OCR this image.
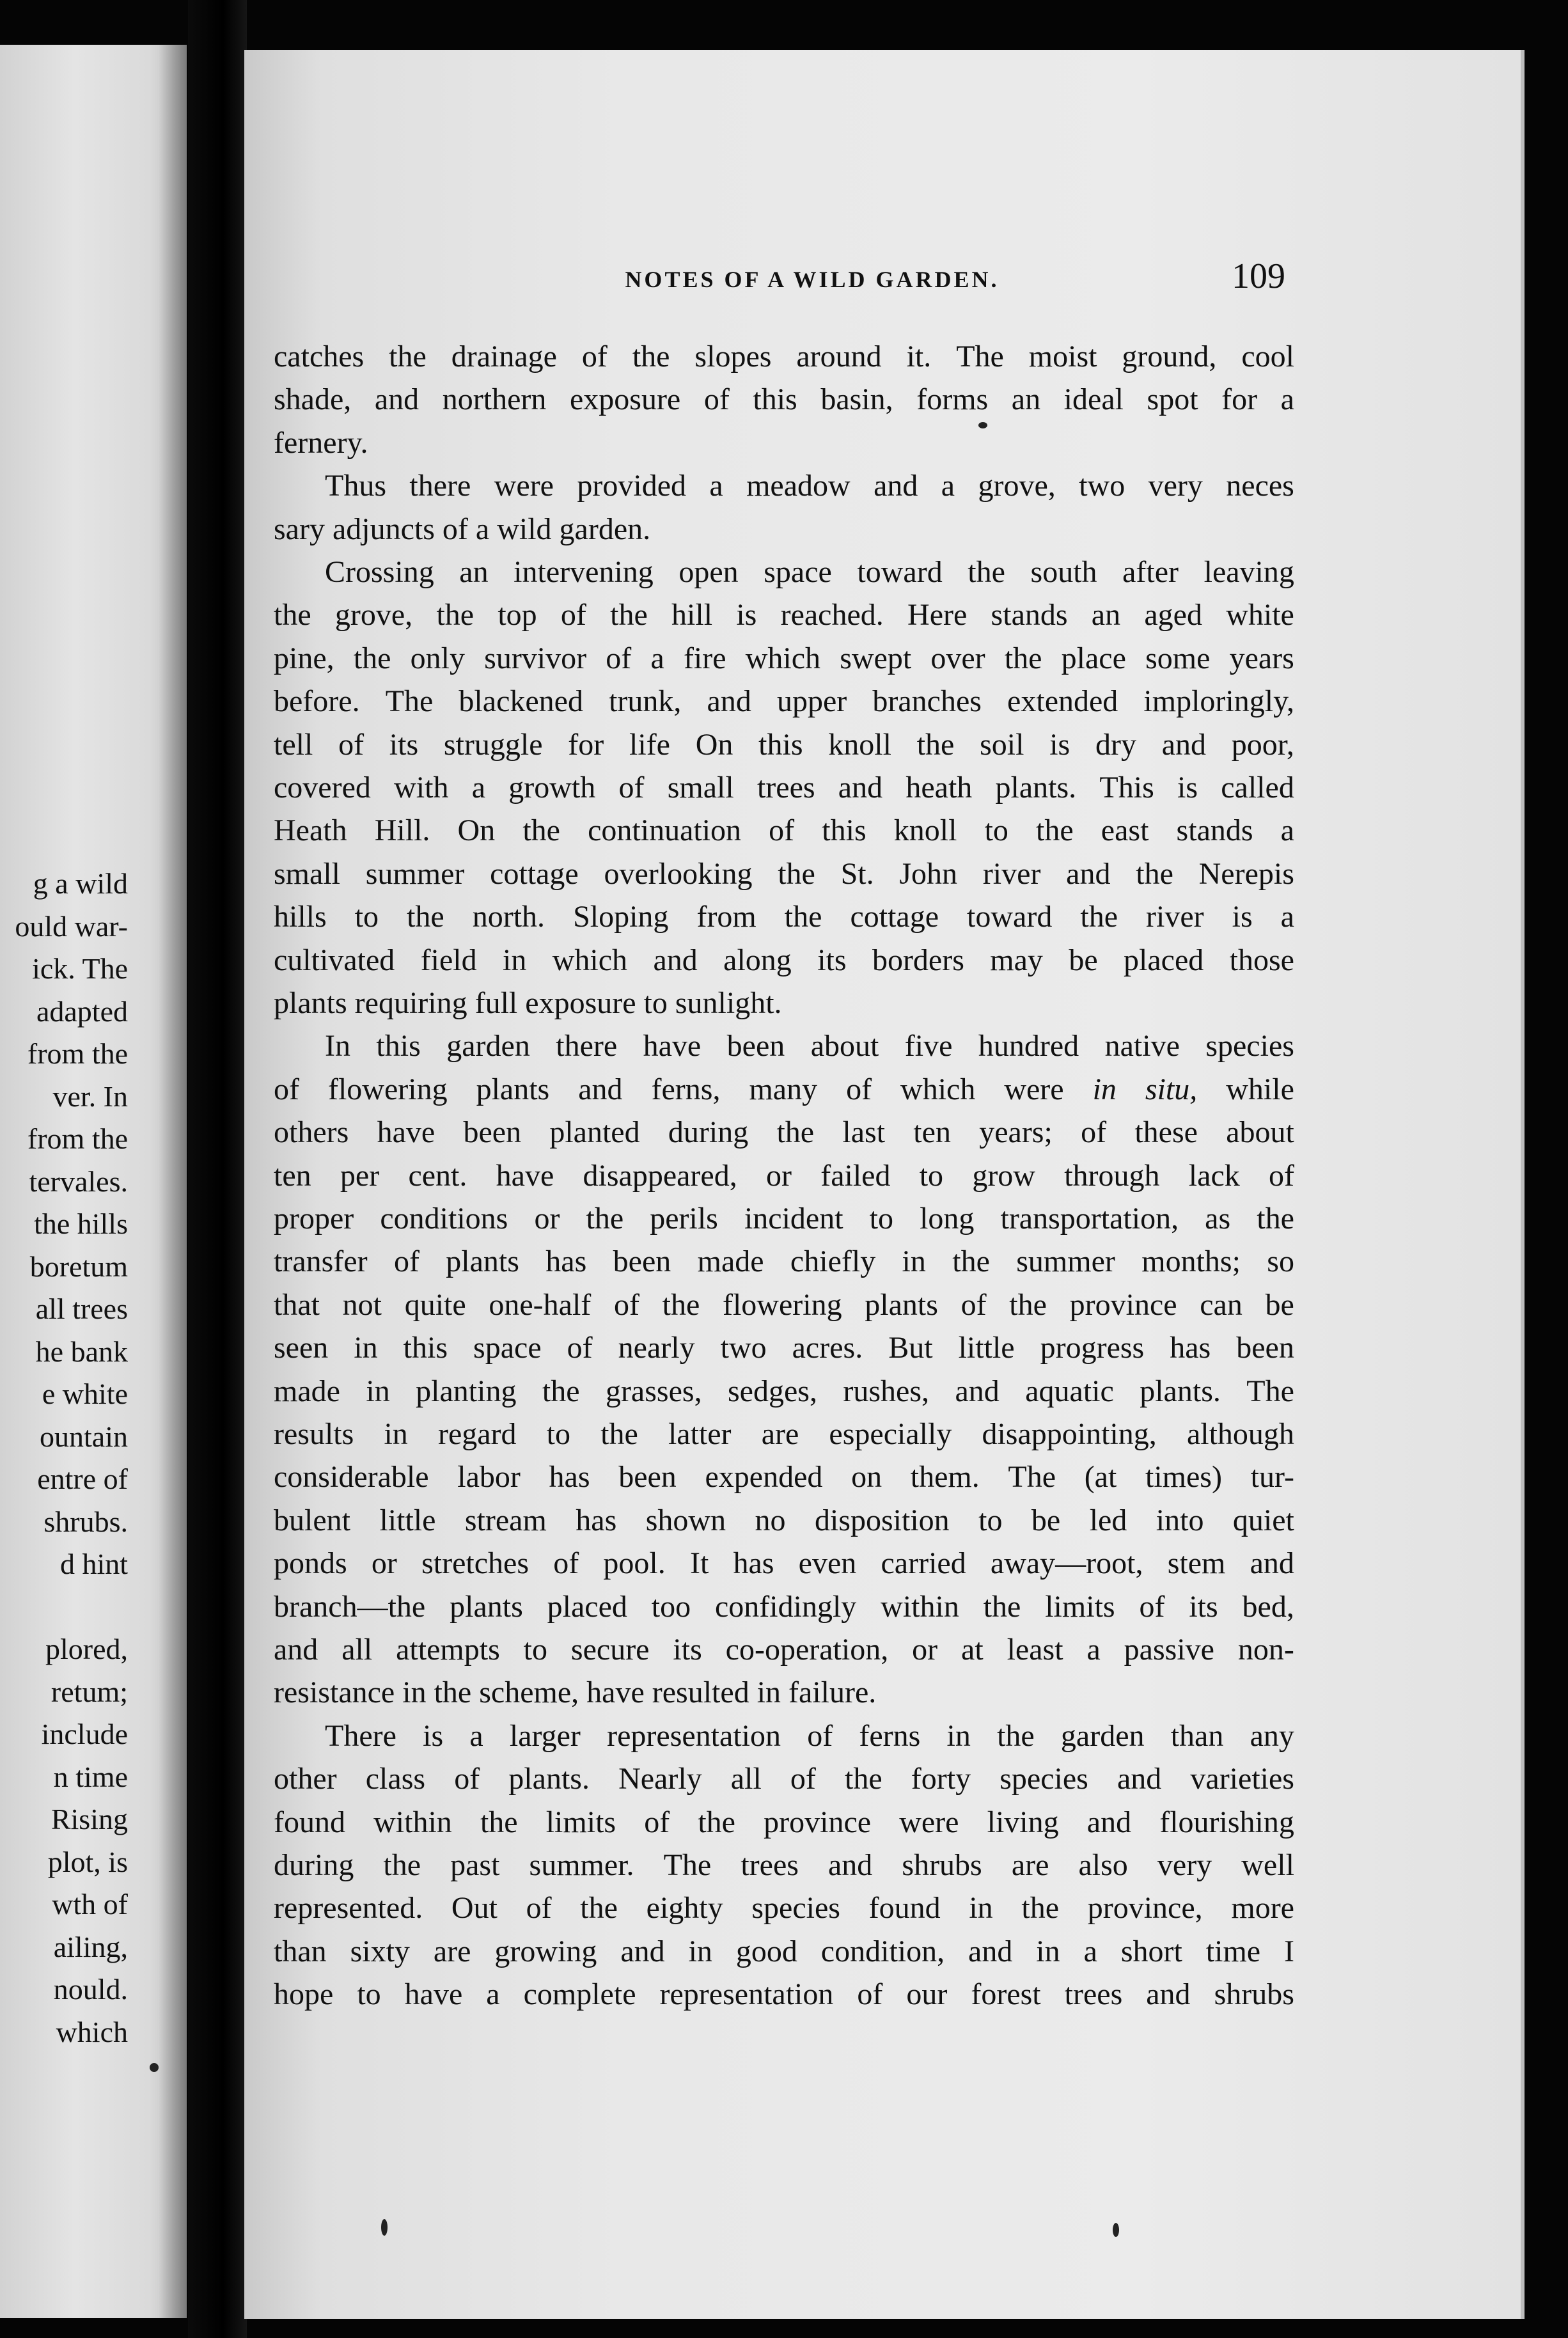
g a wild
ould war-
ick. The
adapted
from the
ver. In
from the
tervales.
the hills
boretum
all trees
he bank
e white
ountain
entre of
shrubs.
d hint
plored,
retum;
include
n time
Rising
plot, is
wth of
ailing,
nould.
which
NOTES OF A WILD GARDEN.	109
catches the drainage of the slopes around it. The moist ground, cool
shade, and northern exposure of this basin, forms an ideal spot for a
fernery.
Thus there were provided a meadow and a grove, two very neces
sary adjuncts of a wild garden.
Crossing an intervening open space toward the south after leaving
the grove, the top of the hill is reached. Here stands an aged white
pine, the only survivor of a fire which swept over the place some years
before. The blackened trunk, and upper branches extended imploringly,
tell of its struggle for life On this knoll the soil is dry and poor,
covered with a growth of small trees and heath plants. This is called
Heath Hill. On the continuation of this knoll to the east stands a
small summer cottage overlooking the St. John river and the Nerepis
hills to the north. Sloping from the cottage toward the river is a
cultivated field in which and along its borders may be placed those
plants requiring full exposure to sunlight.
In this garden there have been about five hundred native species
of flowering plants and ferns, many of which were in situ, while
others have been planted during the last ten years; of these about
ten per cent. have disappeared, or failed to grow through lack of
proper conditions or the perils incident to long transportation, as the
transfer of plants has been made chiefly in the summer months; so
that not quite one-half of the flowering plants of the province can be
seen in this space of nearly two acres. But little progress has been
made in planting the grasses, sedges, rushes, and aquatic plants. The
results in regard to the latter are especially disappointing, although
considerable labor has been expended on them. The (at times) tur-
bulent little stream has shown no disposition to be led into quiet
ponds or stretches of pool. It has even carried away—root, stem and
branch—the plants placed too confidingly within the limits of its bed,
and all attempts to secure its co-operation, or at least a passive non-
resistance in the scheme, have resulted in failure.
There is a larger representation of ferns in the garden than any
other class of plants. Nearly all of the forty species and varieties
found within the limits of the province were living and flourishing
during the past summer. The trees and shrubs are also very well
represented. Out of the eighty species found in the province, more
than sixty are growing and in good condition, and in a short time I
hope to have a complete representation of our forest trees and shrubs
